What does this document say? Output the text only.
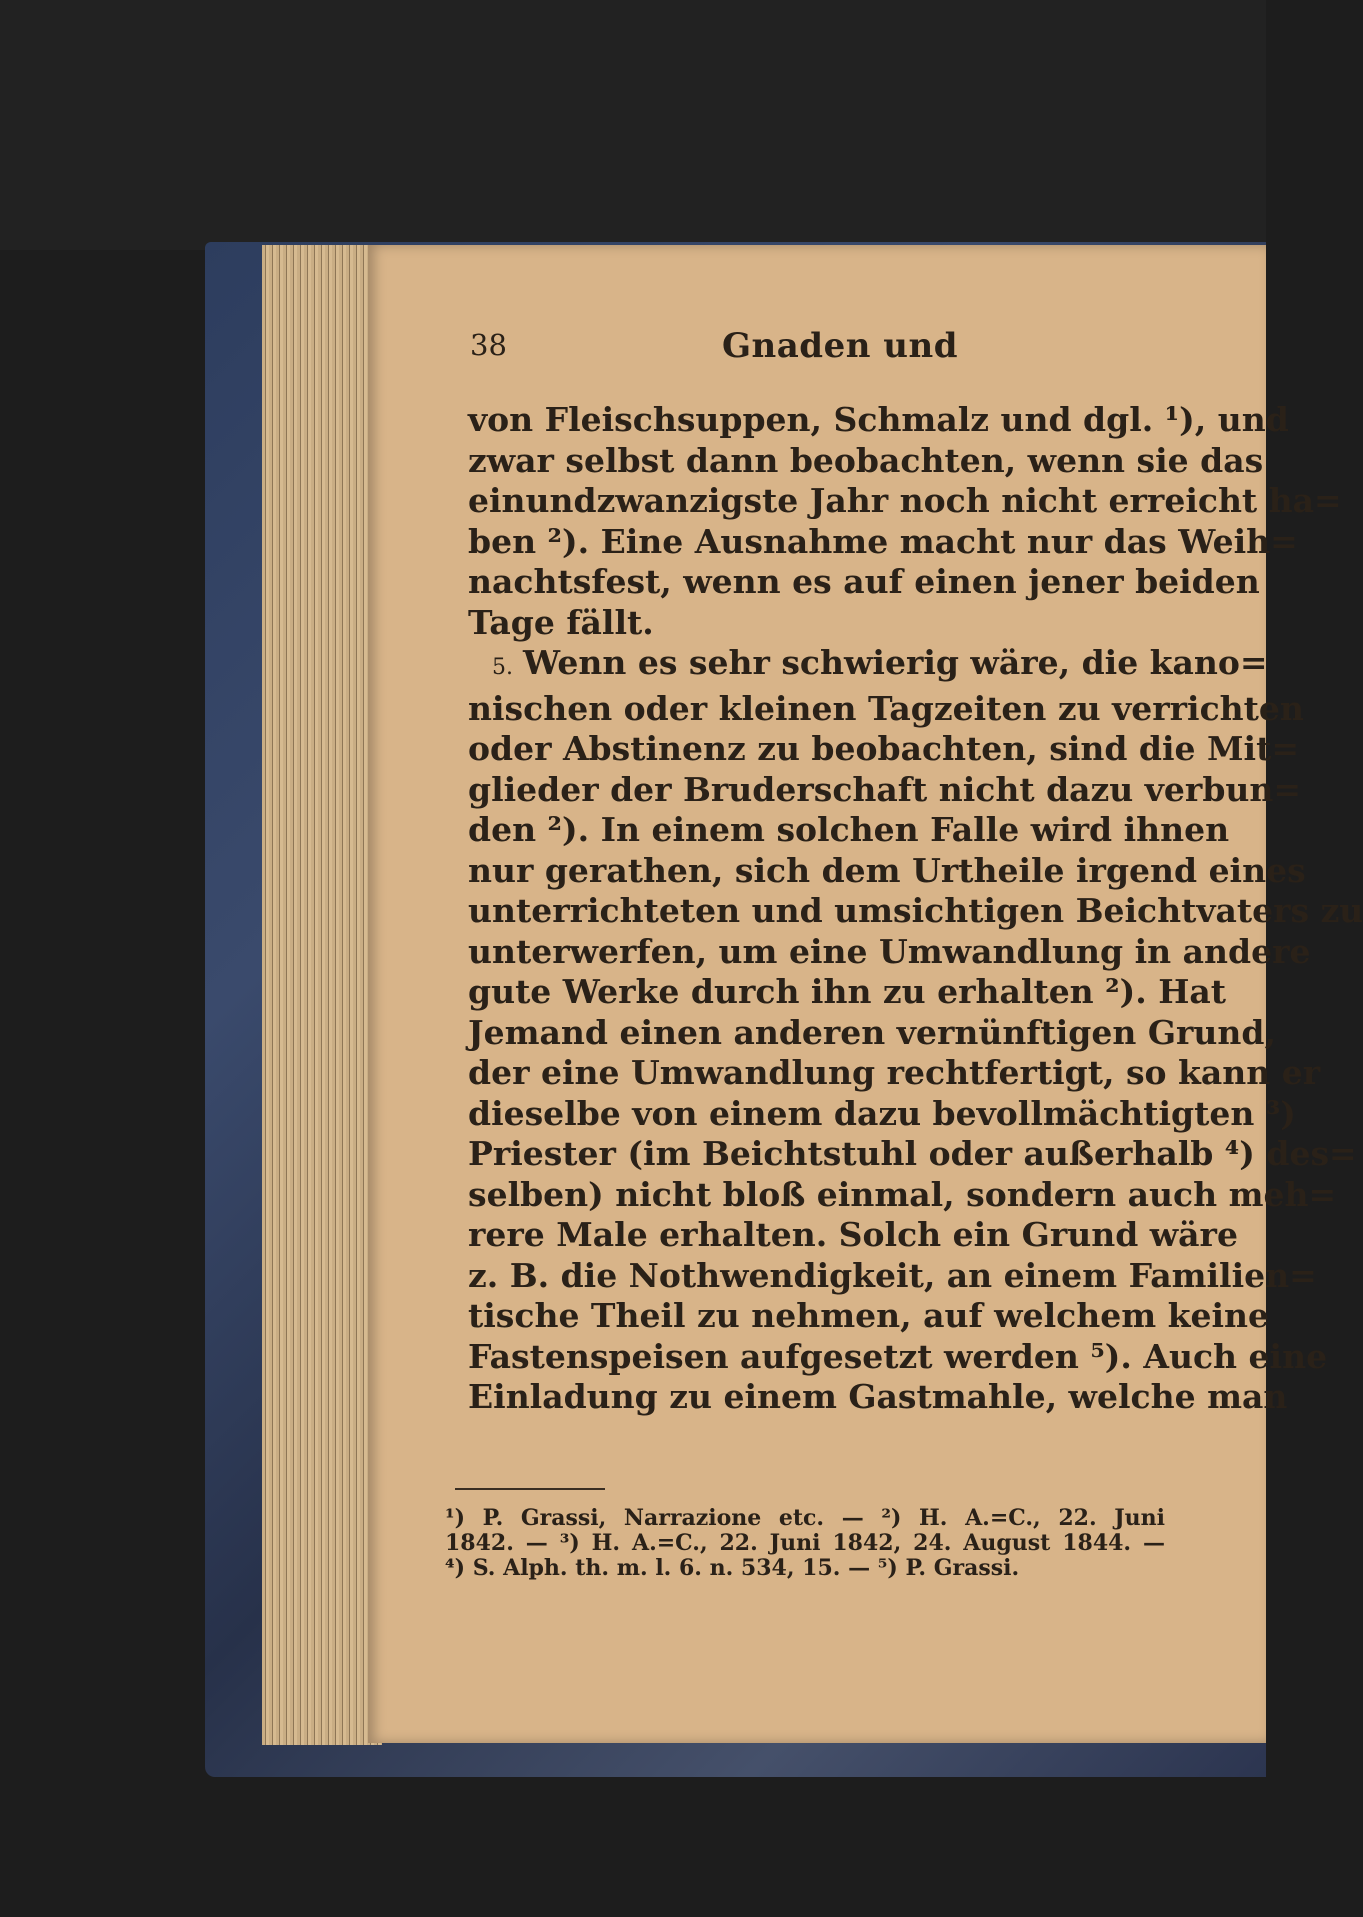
38	Gnaden und
von Fleischsuppen, Schmalz und dgl. ¹), und
zwar selbst dann beobachten, wenn sie das
einundzwanzigste Jahr noch nicht erreicht ha=
ben ²). Eine Ausnahme macht nur das Weih=
nachtsfest, wenn es auf einen jener beiden
Tage fällt.
5. Wenn es sehr schwierig wäre, die kano=
nischen oder kleinen Tagzeiten zu verrichten
oder Abstinenz zu beobachten, sind die Mit=
glieder der Bruderschaft nicht dazu verbun=
den ²). In einem solchen Falle wird ihnen
nur gerathen, sich dem Urtheile irgend eines
unterrichteten und umsichtigen Beichtvaters zu
unterwerfen, um eine Umwandlung in andere
gute Werke durch ihn zu erhalten ²). Hat
Jemand einen anderen vernünftigen Grund,
der eine Umwandlung rechtfertigt, so kann er
dieselbe von einem dazu bevollmächtigten ³)
Priester (im Beichtstuhl oder außerhalb ⁴) des=
selben) nicht bloß einmal, sondern auch meh=
rere Male erhalten. Solch ein Grund wäre
z. B. die Nothwendigkeit, an einem Familien=
tische Theil zu nehmen, auf welchem keine
Fastenspeisen aufgesetzt werden ⁵). Auch eine
Einladung zu einem Gastmahle, welche man
¹) P. Grassi, Narrazione etc. — ²) H. A.=C., 22. Juni
1842. — ³) H. A.=C., 22. Juni 1842, 24. August 1844. —
⁴) S. Alph. th. m. l. 6. n. 534, 15. — ⁵) P. Grassi.
